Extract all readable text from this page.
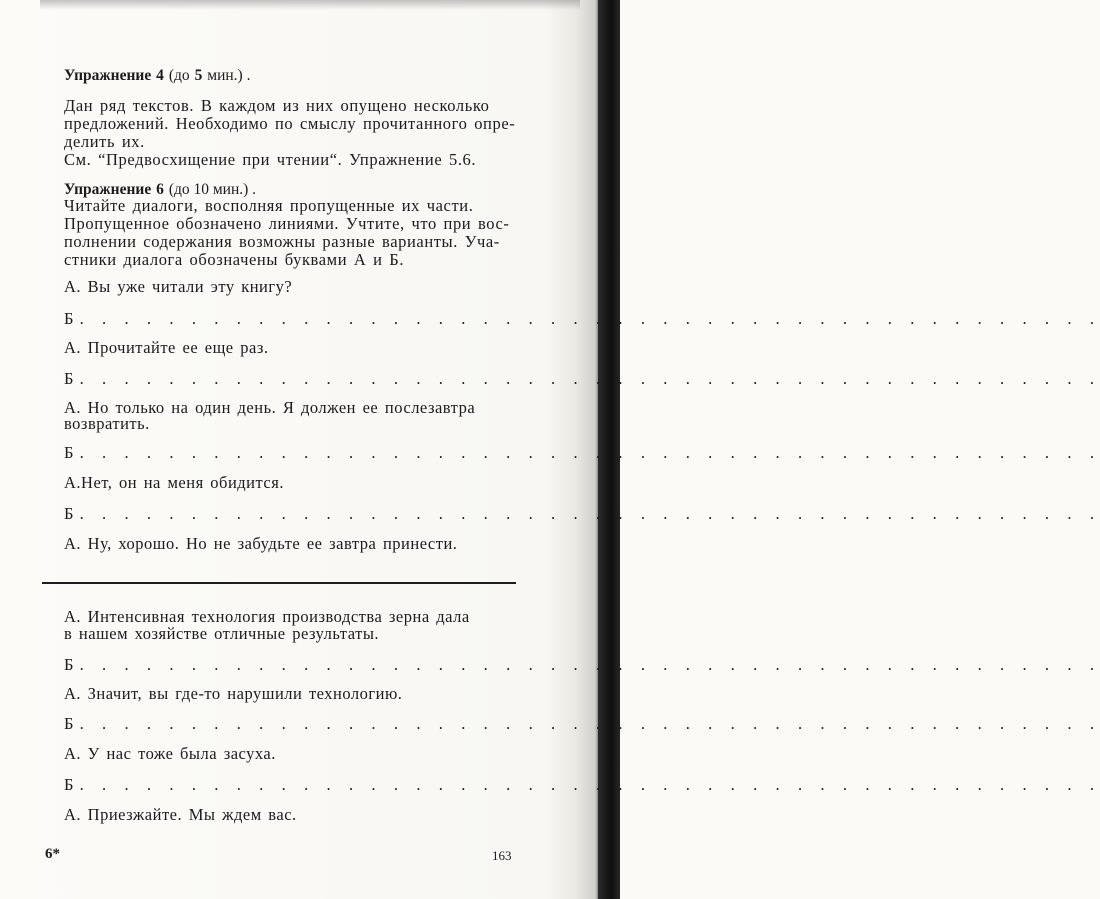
Упражнение 4 (до 5 мин.) .
Дан ряд текстов. В каждом из них опущено несколько
предложений. Необходимо по смыслу прочитанного опре-
делить их.
См. “Предвосхищение при чтении“. Упражнение 5.6.
Упражнение 6 (до 10 мин.) .
Читайте диалоги, восполняя пропущенные их части.
Пропущенное обозначено линиями. Учтите, что при вос-
полнении содержания возможны разные варианты. Уча-
стники диалога обозначены буквами А и Б.
А. Вы уже читали эту книгу?
Б. . . . . . . . . . . . . . . . . . . . . . . . . . . . . . . . . . . . . . . . . . . . . .
А. Прочитайте ее еще раз.
Б. . . . . . . . . . . . . . . . . . . . . . . . . . . . . . . . . . . . . . . . . . . . . .
А. Но только на один день. Я должен ее послезавтра
возвратить.
Б. . . . . . . . . . . . . . . . . . . . . . . . . . . . . . . . . . . . . . . . . . . . . .
А.Нет, он на меня обидится.
Б. . . . . . . . . . . . . . . . . . . . . . . . . . . . . . . . . . . . . . . . . . . . . .
А. Ну, хорошо. Но не забудьте ее завтра принести.
А. Интенсивная технология производства зерна дала
в нашем хозяйстве отличные результаты.
Б. . . . . . . . . . . . . . . . . . . . . . . . . . . . . . . . . . . . . . . . . . . . . .
А. Значит, вы где-то нарушили технологию.
Б. . . . . . . . . . . . . . . . . . . . . . . . . . . . . . . . . . . . . . . . . . . . . .
А. У нас тоже была засуха.
Б. . . . . . . . . . . . . . . . . . . . . . . . . . . . . . . . . . . . . . . . . . . . . .
А. Приезжайте. Мы ждем вас.
6*	163
